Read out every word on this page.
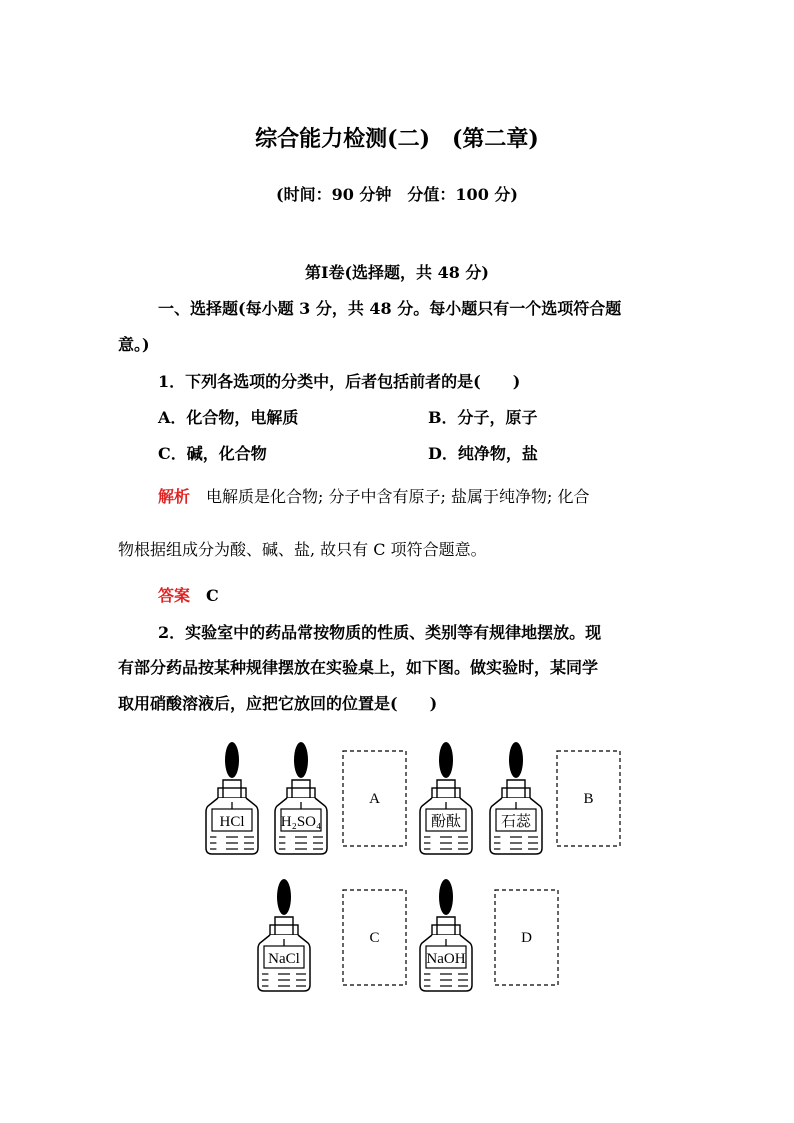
综合能力检测(二)　(第二章)
(时间：90 分钟　分值：100 分)
第Ⅰ卷(选择题，共 48 分)
一、选择题(每小题 3 分，共 48 分。每小题只有一个选项符合题
意。)
1．下列各选项的分类中，后者包括前者的是(　　)
A．化合物，电解质	B．分子，原子
C．碱，化合物	D．纯净物，盐
解析 电解质是化合物; 分子中含有原子; 盐属于纯净物; 化合
物根据组成分为酸、碱、盐, 故只有 C 项符合题意。
答案 C
2．实验室中的药品常按物质的性质、类别等有规律地摆放。现
有部分药品按某种规律摆放在实验桌上，如下图。做实验时，某同学
取用硝酸溶液后，应把它放回的位置是(　　)
HCl H₂SO₄	酚酞	石蕊
NaCl	NaOH
A	B
C	D
